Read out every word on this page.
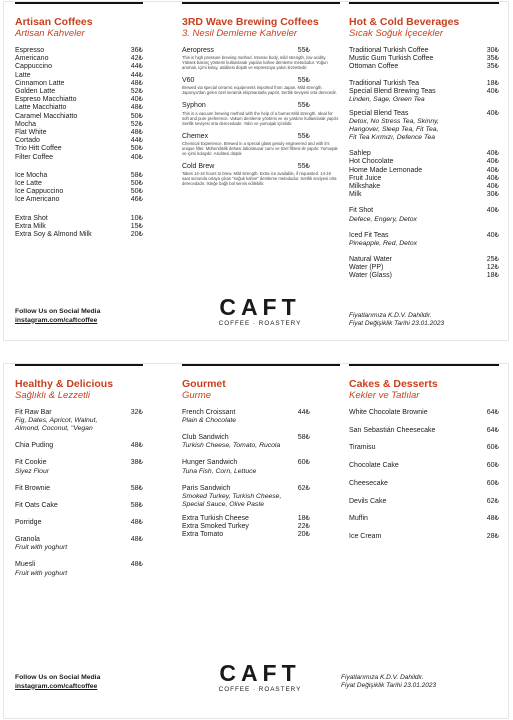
Artisan Coffees
Artisan Kahveler
Espresso	36₺
Americano	42₺
Cappuccino	44₺
Latte	44₺
Cinnamon Latte	48₺
Golden Latte	52₺
Espreso Macchiatto	40₺
Latte Macchiatto	48₺
Caramel Macchiatto	50₺
Mocha	52₺
Flat White	48₺
Cortado	44₺
Trio Hitt Coffee	50₺
Filter Coffee	40₺
Ice Mocha	58₺
Ice Latte	50₺
Ice Cappuccino	50₺
Ice Americano	46₺
Extra Shot	10₺
Extra Milk	15₺
Extra Soy & Almond Milk	20₺
3RD Wave Brewing Coffees
3. Nesil Demleme Kahveler
Aeropress	55₺
This is high pressure brewing method. Intense body, mild strength, low acidity. Yüksek basınç yöntemi kullanılarak yapılan kahve demleme metodudur. Yoğun aromalı, içimi kolay, asiditesi düşük ve espressoya yakın lezzettedir.
V60	55₺
Brewed via special ceramic equipments imported from Japan. Mild strength. Japonya'dan gelen özel seramik ekipmanlarla yapılır. Sertlik seviyesi orta derecedir.
Syphon	55₺
This is a vacuum brewing method with the help of a burner.Mild strength. Ideal for soft and pure preference. Vakum demleme yöntemi ve ısı yardımı kullanılarak yapılır. Sertlik seviyesi orta derecedadır. Yalın ve yumuşak içimlidir.
Chemex	55₺
Chemical Experience. Brewed in a special glass gesuly engineered and with it's unique filter. Mühendislik dehası laboratuvar camı ve özel filtresi ile yapılır. Yumuşak ve içimi kolaydır. Asiditesi düşük
Cold Brew	55₺
Takes 14-16 hours to brew. Mild strength. Extra ice available, if requested. 14-16 saat sonunda ortaya çıkan "soğuk kahve" demleme metodudur. Sertlik seviyesi orta derecedadır. İsteğe bağlı bol servis edilebilir.
Hot & Cold Beverages
Sıcak Soğuk İçecekler
Traditional Turkish Coffee	30₺
Mustic Gum Turkish Coffee	35₺
Ottoman Coffee	35₺
Traditional Turkish Tea	18₺
Special Blend Brewing Teas	40₺
Linden, Sage, Green Tea
Special Blend Teas	40₺
Detox, No Stress Tea, Skinny,
Hangover, Sleep Tea, Fit Tea,
Fit Tea Kırmızı, Defence Tea
Sahlep	40₺
Hot Chocolate	40₺
Home Made Lemonade	40₺
Fruit Juice	40₺
Milkshake	40₺
Milk	30₺
Fit Shot	40₺
Defece, Engery, Detox
Iced Fit Teas	40₺
Pineapple, Red, Detox
Natural Water	25₺
Water (PP)	12₺
Water (Glass)	18₺
Follow Us on Social Media
instagram.com/caftcoffee	CAFT
COFFEE · ROASTERY
Fiyatlarımıza K.D.V. Dahildir.
Fiyat Değişiklik Tarihi 23.01.2023
Healthy & Delicious
Sağlıklı & Lezzetli
Fit Raw Bar	32₺
Fig, Dates, Apricot, Walnut,
Almond, Coconut, "Vegan
Chia Puding	48₺
Fit Cookie	38₺
Siyez Flour
Fit Brownie	58₺
Fit Oats Cake	58₺
Porridge	48₺
Granola	48₺
Fruit with yoghurt
Muesli	48₺
Fruit with yoghurt
Gourmet
Gurme
French Croissant	44₺
Plain & Chocolate
Club Sandwich	58₺
Turkish Cheese, Tomato, Rucola
Hunger Sandwich	60₺
Tuna Fish, Corn, Lettuce
Paris Sandwich	62₺
Smoked Turkey, Turkish Cheese,
Special Sauce, Olive Paste
Extra Turkish Cheese	18₺
Extra Smoked Turkey	22₺
Extra Tomato	20₺
Cakes & Desserts
Kekler ve Tatlılar
White Chocolate Brownie	64₺
San Sebastián Cheesecake	64₺
Tiramisu	60₺
Chocolate Cake	60₺
Cheesecake	60₺
Devils Cake	62₺
Muffin	48₺
Ice Cream	28₺
Follow Us on Social Media
instagram.com/caftcoffee	CAFT
COFFEE · ROASTERY
Fiyatlarımıza K.D.V. Dahildir.
Fiyat Değişiklik Tarihi 23.01.2023
